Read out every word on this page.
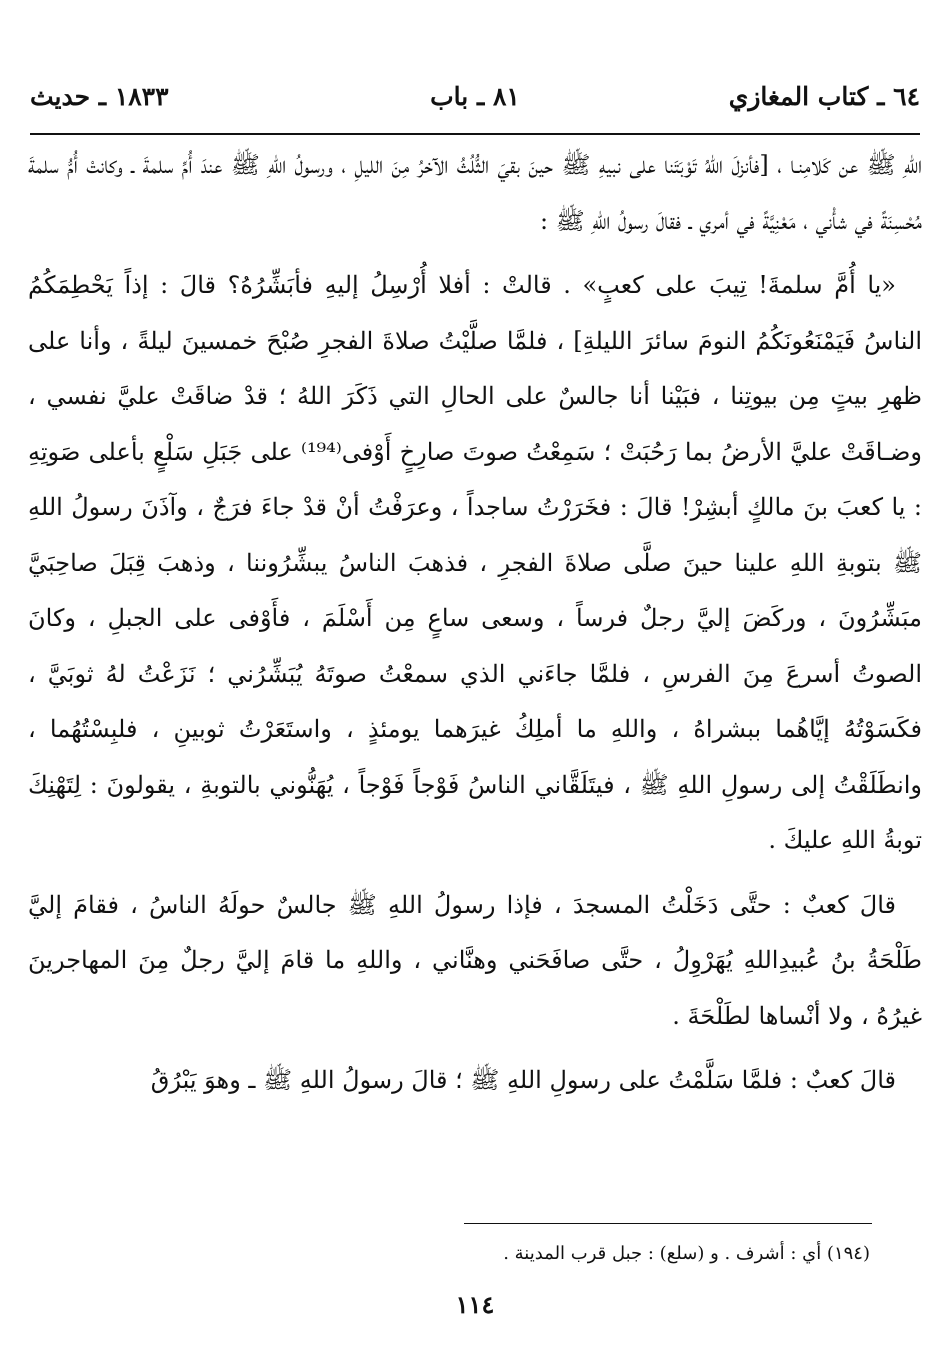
٦٤ ـ كتاب المغازي
٨١ ـ باب
١٨٣٣ ـ حديث

اللهِ ﷺ عن كَلامِنـا ، [فأنزلَ اللهُ تَوْبَتَنا على نبيهِ ﷺ حينَ بقيَ الثُّلُثُ الآخرُ مِنَ الليلِ ، ورسولُ اللهِ ﷺ عندَ أُمِّ سلمةَ ـ وكانتْ أُمُّ سلمةَ مُحْسِنَةً في شأْني ، مَعْنِيَّةً في أمري ـ فقالَ رسولُ اللهِ ﷺ :

«يا أُمَّ سلمةَ! تِيبَ على كعبٍ» . قالتْ : أفلا أُرْسِلُ إليهِ فأبَشِّرُهُ؟ قالَ : إذاً يَحْطِمَكُمُ الناسُ فَيَمْنَعُونَكُمُ النومَ سائرَ الليلةِ] ، فلمَّا صلَّيْتُ صلاةَ الفجرِ صُبْحَ خمسينَ ليلةً ، وأنا على ظهرِ بيتٍ مِن بيوتِنا ، فبَيْنا أنا جالسٌ على الحالِ التي ذَكَرَ اللهُ ؛ قدْ ضاقَتْ عليَّ نفسي ، وضـاقَتْ عليَّ الأرضُ بما رَحُبَتْ ؛ سَمِعْتُ صوتَ صارِخٍ أَوْفى⁽¹⁹⁴⁾ على جَبَلِ سَلْعٍ بأعلى صَوتِهِ : يا كعبَ بنَ مالكٍ أبشِرْ! قالَ : فخَرَرْتُ ساجداً ، وعرَفْتُ أنْ قدْ جاءَ فرَجٌ ، وآذَنَ رسولُ اللهِ ﷺ بتوبةِ اللهِ علينا حينَ صلَّى صلاةَ الفجرِ ، فذهبَ الناسُ يبشِّرُوننا ، وذهبَ قِبَلَ صاحِبَيَّ مبَشِّرُونَ ، وركَضَ إليَّ رجلٌ فرساً ، وسعى ساعٍ مِن أَسْلَمَ ، فأَوْفى على الجبلِ ، وكانَ الصوتُ أسرعَ مِنَ الفرسِ ، فلمَّا جاءَني الذي سمعْتُ صوتَهُ يُبَشِّرُني ؛ نَزَعْتُ لهُ ثوبَيَّ ، فكَسَوْتُهُ إيَّاهُما ببشراهُ ، واللهِ ما أملِكُ غيرَهما يومئذٍ ، واستَعَرْتُ ثوبينِ ، فلبِسْتُهُما ، وانطَلَقْتُ إلى رسولِ اللهِ ﷺ ، فيتَلَقَّاني الناسُ فَوْجاً فَوْجاً ، يُهَنُّوني بالتوبةِ ، يقولونَ : لِتَهْنِكَ توبةُ اللهِ عليكَ .

قالَ كعبٌ : حتَّى دَخَلْتُ المسجدَ ، فإذا رسولُ اللهِ ﷺ جالسٌ حولَهُ الناسُ ، فقامَ إليَّ طَلْحَةُ بنُ عُبيدِاللهِ يُهَرْوِلُ ، حتَّى صافَحَني وهنَّاني ، واللهِ ما قامَ إليَّ رجلٌ مِنَ المهاجرينَ غيرُهُ ، ولا أنْساها لطَلْحَةَ .

قالَ كعبٌ : فلمَّا سَلَّمْتُ على رسولِ اللهِ ﷺ ؛ قالَ رسولُ اللهِ ﷺ ـ وهوَ يَبْرُقُ

(١٩٤) أي : أشرف . و (سلع) : جبل قرب المدينة .
١١٤
